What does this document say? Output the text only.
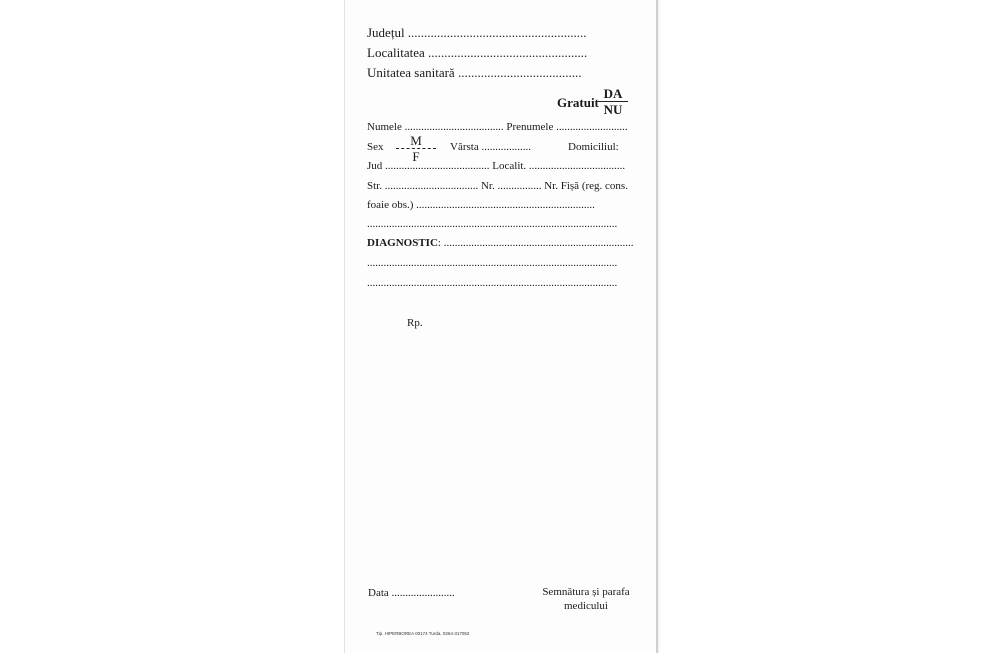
Județul .......................................................
Localitatea .................................................
Unitatea sanitară ......................................
Gratuit
DA
NU
Numele .................................... Prenumele ..........................
Sex	M
F
Vârsta ..................	Domiciliul:
Jud ...................................... Localit. ...................................
Str. .................................. Nr. ................ Nr. Fișă (reg. cons.
foaie obs.) .................................................................
...........................................................................................
DIAGNOSTIC: .....................................................................
...........................................................................................
...........................................................................................
Rp.
Data .......................	Semnătura și parafa
medicului
Tip. HIPERBOREA 00174 Turda, 0264-317052
